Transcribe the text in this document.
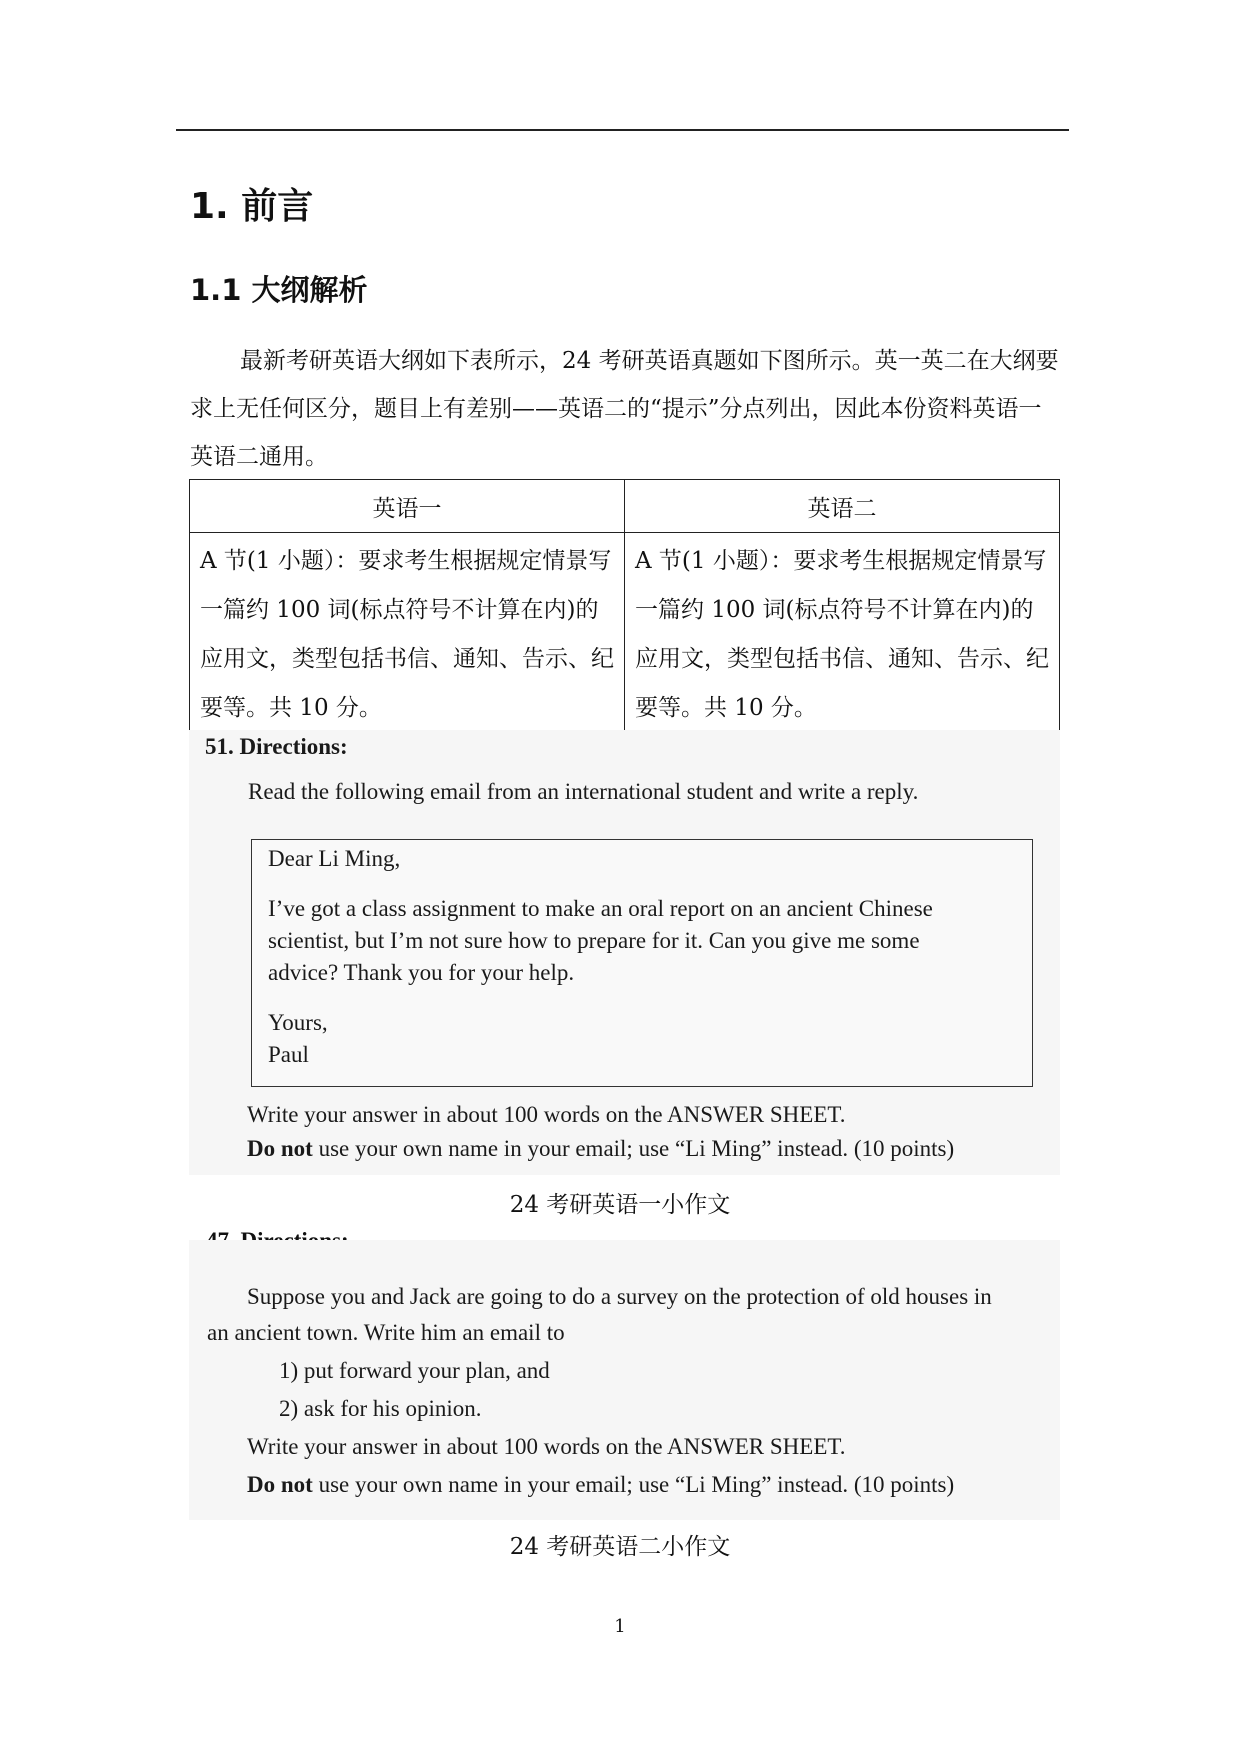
1. 前言
1.1 大纲解析

最新考研英语大纲如下表所示，24 考研英语真题如下图所示。英一英二在大纲要求上无任何区分，题目上有差别——英语二的“提示”分点列出，因此本份资料英语一英语二通用。

英语一	英语二
A 节(1 小题）：要求考生根据规定情景写一篇约 100 词(标点符号不计算在内)的应用文，类型包括书信、通知、告示、纪要等。共 10 分。	A 节(1 小题）：要求考生根据规定情景写一篇约 100 词(标点符号不计算在内)的应用文，类型包括书信、通知、告示、纪要等。共 10 分。
51. Directions:
Read the following email from an international student and write a reply.
Dear Li Ming,
I’ve got a class assignment to make an oral report on an ancient Chinese
scientist, but I’m not sure how to prepare for it. Can you give me some
advice? Thank you for your help.
Yours,
Paul
Write your answer in about 100 words on the ANSWER SHEET.
Do not use your own name in your email; use “Li Ming” instead. (10 points)
24 考研英语一小作文
Suppose you and Jack are going to do a survey on the protection of old houses in
an ancient town. Write him an email to
1) put forward your plan, and
2) ask for his opinion.
Write your answer in about 100 words on the ANSWER SHEET.
Do not use your own name in your email; use “Li Ming” instead. (10 points)
24 考研英语二小作文
1
